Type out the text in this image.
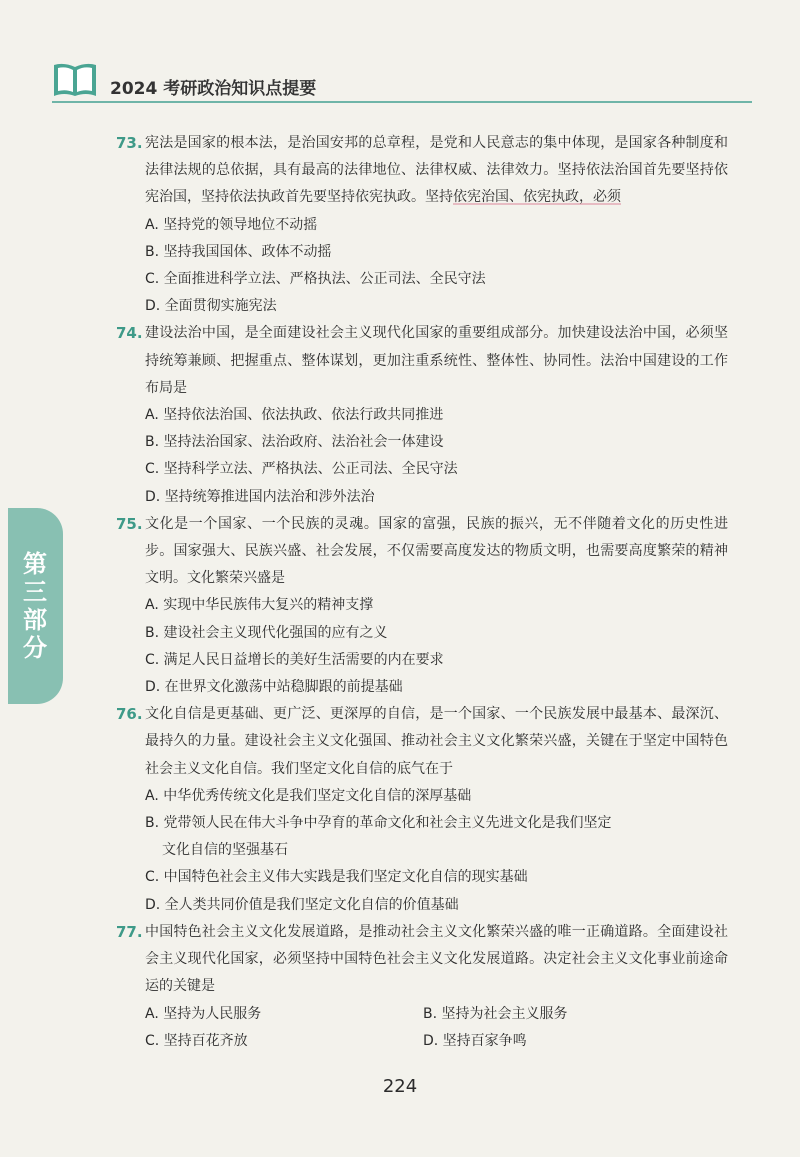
2024 考研政治知识点提要
第三部分
73. 宪法是国家的根本法，是治国安邦的总章程，是党和人民意志的集中体现，是国家各种制度和法律法规的总依据，具有最高的法律地位、法律权威、法律效力。坚持依法治国首先要坚持依宪治国，坚持依法执政首先要坚持依宪执政。坚持依宪治国、依宪执政，必须
A. 坚持党的领导地位不动摇
B. 坚持我国国体、政体不动摇
C. 全面推进科学立法、严格执法、公正司法、全民守法
D. 全面贯彻实施宪法
74. 建设法治中国，是全面建设社会主义现代化国家的重要组成部分。加快建设法治中国，必须坚持统筹兼顾、把握重点、整体谋划，更加注重系统性、整体性、协同性。法治中国建设的工作布局是
A. 坚持依法治国、依法执政、依法行政共同推进
B. 坚持法治国家、法治政府、法治社会一体建设
C. 坚持科学立法、严格执法、公正司法、全民守法
D. 坚持统筹推进国内法治和涉外法治
75. 文化是一个国家、一个民族的灵魂。国家的富强，民族的振兴，无不伴随着文化的历史性进步。国家强大、民族兴盛、社会发展，不仅需要高度发达的物质文明，也需要高度繁荣的精神文明。文化繁荣兴盛是
A. 实现中华民族伟大复兴的精神支撑
B. 建设社会主义现代化强国的应有之义
C. 满足人民日益增长的美好生活需要的内在要求
D. 在世界文化激荡中站稳脚跟的前提基础
76. 文化自信是更基础、更广泛、更深厚的自信，是一个国家、一个民族发展中最基本、最深沉、最持久的力量。建设社会主义文化强国、推动社会主义文化繁荣兴盛，关键在于坚定中国特色社会主义文化自信。我们坚定文化自信的底气在于
A. 中华优秀传统文化是我们坚定文化自信的深厚基础
B. 党带领人民在伟大斗争中孕育的革命文化和社会主义先进文化是我们坚定
文化自信的坚强基石
C. 中国特色社会主义伟大实践是我们坚定文化自信的现实基础
D. 全人类共同价值是我们坚定文化自信的价值基础
77. 中国特色社会主义文化发展道路，是推动社会主义文化繁荣兴盛的唯一正确道路。全面建设社会主义现代化国家，必须坚持中国特色社会主义文化发展道路。决定社会主义文化事业前途命运的关键是
A. 坚持为人民服务	B. 坚持为社会主义服务
C. 坚持百花齐放	D. 坚持百家争鸣
224
